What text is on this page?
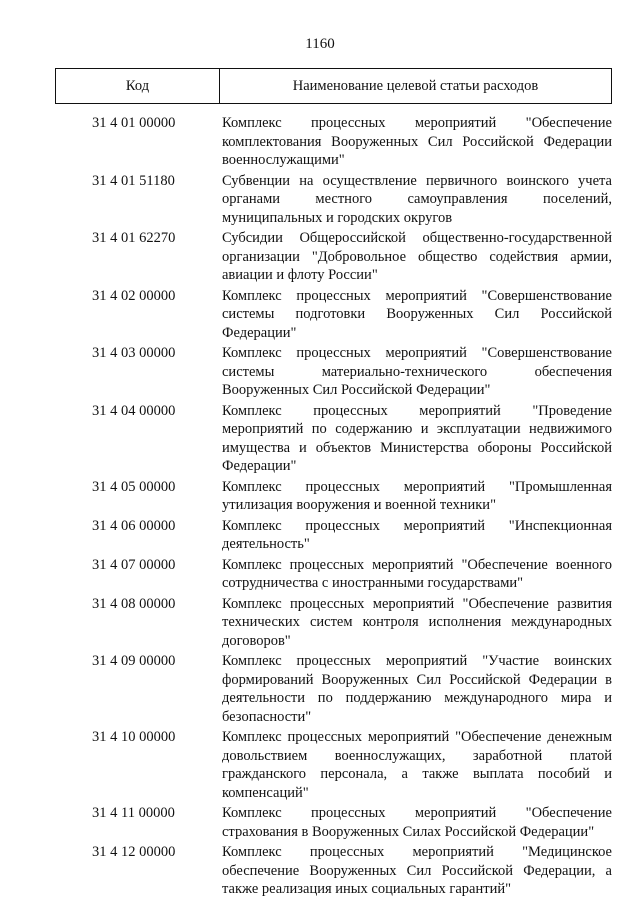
1160
Код	Наименование целевой статьи расходов
31 4 01 00000	Комплекс процессных мероприятий "Обеспечение комплектования Вооруженных Сил Российской Федерации военнослужащими"
31 4 01 51180	Субвенции на осуществление первичного воинского учета органами местного самоуправления поселений, муниципальных и городских округов
31 4 01 62270	Субсидии Общероссийской общественно-государственной организации "Добровольное общество содействия армии, авиации и флоту России"
31 4 02 00000	Комплекс процессных мероприятий "Совершенствование системы подготовки Вооруженных Сил Российской Федерации"
31 4 03 00000	Комплекс процессных мероприятий "Совершенствование системы материально-технического обеспечения Вооруженных Сил Российской Федерации"
31 4 04 00000	Комплекс процессных мероприятий "Проведение мероприятий по содержанию и эксплуатации недвижимого имущества и объектов Министерства обороны Российской Федерации"
31 4 05 00000	Комплекс процессных мероприятий "Промышленная утилизация вооружения и военной техники"
31 4 06 00000	Комплекс процессных мероприятий "Инспекционная деятельность"
31 4 07 00000	Комплекс процессных мероприятий "Обеспечение военного сотрудничества с иностранными государствами"
31 4 08 00000	Комплекс процессных мероприятий "Обеспечение развития технических систем контроля исполнения международных договоров"
31 4 09 00000	Комплекс процессных мероприятий "Участие воинских формирований Вооруженных Сил Российской Федерации в деятельности по поддержанию международного мира и безопасности"
31 4 10 00000	Комплекс процессных мероприятий "Обеспечение денежным довольствием военнослужащих, заработной платой гражданского персонала, а также выплата пособий и компенсаций"
31 4 11 00000	Комплекс процессных мероприятий "Обеспечение страхования в Вооруженных Силах Российской Федерации"
31 4 12 00000	Комплекс процессных мероприятий "Медицинское обеспечение Вооруженных Сил Российской Федерации, а также реализация иных социальных гарантий"
